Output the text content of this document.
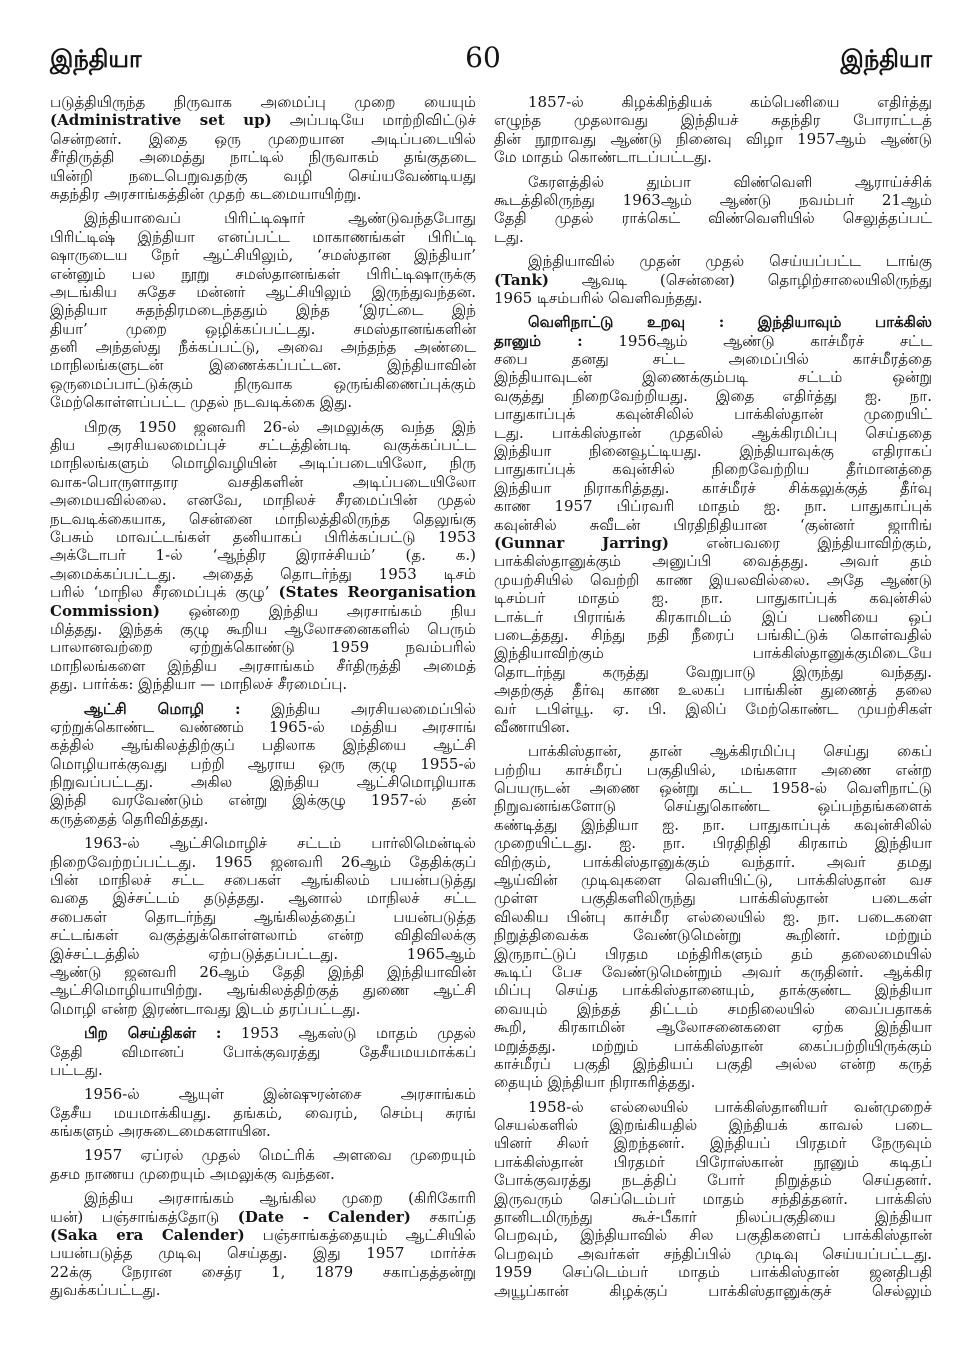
இந்தியா	60	இந்தியா
படுத்தியிருந்த நிருவாக அமைப்பு முறை யையும்
(Administrative set up) அப்படியே மாற்றிவிட்டுச்
சென்றனர். இதை ஒரு முறையான அடிப்படையில்
சீர்திருத்தி அமைத்து நாட்டில் நிருவாகம் தங்குதடை
யின்றி நடைபெறுவதற்கு வழி செய்யவேண்டியது
சுதந்திர அரசாங்கத்தின் முதற் கடமையாயிற்று.
இந்தியாவைப் பிரிட்டிஷார் ஆண்டுவந்தபோது
பிரிட்டிஷ் இந்தியா எனப்பட்ட மாகாணங்கள் பிரிட்டி
ஷாருடைய நேர் ஆட்சியிலும், ‘சமஸ்தான இந்தியா’
என்னும் பல நூறு சமஸ்தானங்கள் பிரிட்டிஷாருக்கு
அடங்கிய சுதேச மன்னர் ஆட்சியிலும் இருந்துவந்தன.
இந்தியா சுதந்திரமடைந்ததும் இந்த ‘இரட்டை இந்
தியா’ முறை ஒழிக்கப்பட்டது. சமஸ்தானங்களின்
தனி அந்தஸ்து நீக்கப்பட்டு, அவை அந்தந்த அண்டை
மாநிலங்களுடன் இணைக்கப்பட்டன. இந்தியாவின்
ஒருமைப்பாட்டுக்கும் நிருவாக ஒருங்கிணைப்புக்கும்
மேற்கொள்ளப்பட்ட முதல் நடவடிக்கை இது.
பிறகு 1950 ஜனவரி 26-ல் அமலுக்கு வந்த இந்
திய அரசியலமைப்புச் சட்டத்தின்படி வகுக்கப்பட்ட
மாநிலங்களும் மொழிவழியின் அடிப்படையிலோ, நிரு
வாக-பொருளாதார வசதிகளின் அடிப்படையிலோ
அமையவில்லை. எனவே, மாநிலச் சீரமைப்பின் முதல்
நடவடிக்கையாக, சென்னை மாநிலத்திலிருந்த தெலுங்கு
பேசும் மாவட்டங்கள் தனியாகப் பிரிக்கப்பட்டு 1953
அக்டோபர் 1-ல் ‘ஆந்திர இராச்சியம்’ (த. க.)
அமைக்கப்பட்டது. அதைத் தொடர்ந்து 1953 டிசம்
பரில் ‘மாநில சீரமைப்புக் குழு’ (States Reorganisation
Commission) ஒன்றை இந்திய அரசாங்கம் நிய
மித்தது. இந்தக் குழு கூறிய ஆலோசனைகளில் பெரும்
பாலானவற்றை ஏற்றுக்கொண்டு 1959 நவம்பரில்
மாநிலங்களை இந்திய அரசாங்கம் சீர்திருத்தி அமைத்
தது. பார்க்க: இந்தியா — மாநிலச் சீரமைப்பு.
ஆட்சி மொழி : இந்திய அரசியலமைப்பில்
ஏற்றுக்கொண்ட வண்ணம் 1965-ல் மத்திய அரசாங்
கத்தில் ஆங்கிலத்திற்குப் பதிலாக இந்தியை ஆட்சி
மொழியாக்குவது பற்றி ஆராய ஒரு குழு 1955-ல்
நிறுவப்பட்டது. அகில இந்திய ஆட்சிமொழியாக
இந்தி வரவேண்டும் என்று இக்குழு 1957-ல் தன்
கருத்தைத் தெரிவித்தது.
1963-ல் ஆட்சிமொழிச் சட்டம் பார்லிமென்டில்
நிறைவேற்றப்பட்டது. 1965 ஜனவரி 26ஆம் தேதிக்குப்
பின் மாநிலச் சட்ட சபைகள் ஆங்கிலம் பயன்படுத்து
வதை இச்சட்டம் தடுத்தது. ஆனால் மாநிலச் சட்ட
சபைகள் தொடர்ந்து ஆங்கிலத்தைப் பயன்படுத்த
சட்டங்கள் வகுத்துக்கொள்ளலாம் என்ற விதிவிலக்கு
இச்சட்டத்தில் ஏற்படுத்தப்பட்டது. 1965ஆம்
ஆண்டு ஜனவரி 26ஆம் தேதி இந்தி இந்தியாவின்
ஆட்சிமொழியாயிற்று. ஆங்கிலத்திற்குத் துணை ஆட்சி
மொழி என்ற இரண்டாவது இடம் தரப்பட்டது.
பிற செய்திகள் : 1953 ஆகஸ்டு மாதம் முதல்
தேதி விமானப் போக்குவரத்து தேசீயமயமாக்கப்
பட்டது.
1956-ல் ஆயுள் இன்ஷுரன்சை அரசாங்கம்
தேசீய மயமாக்கியது. தங்கம், வைரம், செம்பு சுரங்
கங்களும் அரசுடைமைகளாயின.
1957 ஏப்ரல் முதல் மெட்ரிக் அளவை முறையும்
தசம நாணய முறையும் அமலுக்கு வந்தன.
இந்திய அரசாங்கம் ஆங்கில முறை (கிரிகோரி
யன்) பஞ்சாங்கத்தோடு (Date - Calender) சகாப்த
(Saka era Calender) பஞ்சாங்கத்தையும் ஆட்சியில்
பயன்படுத்த முடிவு செய்தது. இது 1957 மார்ச்சு
22க்கு நேரான சைத்ர 1, 1879 சகாப்தத்தன்று
துவக்கப்பட்டது.
1857-ல் கிழக்கிந்தியக் கம்பெனியை எதிர்த்து
எழுந்த முதலாவது இந்தியச் சுதந்திர போராட்டத்
தின் நூறாவது ஆண்டு நினைவு விழா 1957ஆம் ஆண்டு
மே மாதம் கொண்டாடப்பட்டது.
கேரளத்தில் தும்பா விண்வெளி ஆராய்ச்சிக்
கூடத்திலிருந்து 1963ஆம் ஆண்டு நவம்பர் 21ஆம்
தேதி முதல் ராக்கெட் விண்வெளியில் செலுத்தப்பட்
டது.
இந்தியாவில் முதன் முதல் செய்யப்பட்ட டாங்கு
(Tank) ஆவடி (சென்னை) தொழிற்சாலையிலிருந்து
1965 டிசம்பரில் வெளிவந்தது.
வெளிநாட்டு உறவு : இந்தியாவும் பாக்கிஸ்
தானும் : 1956ஆம் ஆண்டு காச்மீரச் சட்ட
சபை தனது சட்ட அமைப்பில் காச்மீரத்தை
இந்தியாவுடன் இணைக்கும்படி சட்டம் ஒன்று
வகுத்து நிறைவேற்றியது. இதை எதிர்த்து ஐ. நா.
பாதுகாப்புக் கவுன்சிலில் பாக்கிஸ்தான் முறையிட்
டது. பாக்கிஸ்தான் முதலில் ஆக்கிரமிப்பு செய்ததை
இந்தியா நினைவூட்டியது. இந்தியாவுக்கு எதிராகப்
பாதுகாப்புக் கவுன்சில் நிறைவேற்றிய தீர்மானத்தை
இந்தியா நிராகரித்தது. காச்மீரச் சிக்கலுக்குத் தீர்வு
காண 1957 பிப்ரவரி மாதம் ஐ. நா. பாதுகாப்புக்
கவுன்சில் சுவீடன் பிரதிநிதியான ‘குன்னர் ஜாரிங்
(Gunnar Jarring) என்பவரை இந்தியாவிற்கும்,
பாக்கிஸ்தானுக்கும் அனுப்பி வைத்தது. அவர் தம்
முயற்சியில் வெற்றி காண இயலவில்லை. அதே ஆண்டு
டிசம்பர் மாதம் ஐ. நா. பாதுகாப்புக் கவுன்சில்
டாக்டர் பிராங்க் கிரகாமிடம் இப் பணியை ஒப்
படைத்தது. சிந்து நதி நீரைப் பங்கிட்டுக் கொள்வதில்
இந்தியாவிற்கும் பாக்கிஸ்தானுக்குமிடையே
தொடர்ந்து கருத்து வேறுபாடு இருந்து வந்தது.
அதற்குத் தீர்வு காண உலகப் பாங்கின் துணைத் தலை
வர் டபிள்யூ. ஏ. பி. இலிப் மேற்கொண்ட முயற்சிகள்
வீணாயின.
பாக்கிஸ்தான், தான் ஆக்கிரமிப்பு செய்து கைப்
பற்றிய காச்மீரப் பகுதியில், மங்களா அணை என்ற
பெயருடன் அணை ஒன்று கட்ட 1958-ல் வெளிநாட்டு
நிறுவனங்களோடு செய்துகொண்ட ஒப்பந்தங்களைக்
கண்டித்து இந்தியா ஐ. நா. பாதுகாப்புக் கவுன்சிலில்
முறையிட்டது. ஐ. நா. பிரதிநிதி கிரகாம் இந்தியா
விற்கும், பாக்கிஸ்தானுக்கும் வந்தார். அவர் தமது
ஆய்வின் முடிவுகளை வெளியிட்டு, பாக்கிஸ்தான் வச
முள்ள பகுதிகளிலிருந்து பாக்கிஸ்தான் படைகள்
விலகிய பின்பு காச்மீர எல்லையில் ஐ. நா. படைகளை
நிறுத்திவைக்க வேண்டுமென்று கூறினர். மற்றும்
இருநாட்டுப் பிரதம மந்திரிகளும் தம் தலைமையில்
கூடிப் பேச வேண்டுமென்றும் அவர் கருதினர். ஆக்கிர
மிப்பு செய்த பாக்கிஸ்தானையும், தாக்குண்ட இந்தியா
வையும் இந்தத் திட்டம் சமநிலையில் வைப்பதாகக்
கூறி, கிரகாமின் ஆலோசனைகளை ஏற்க இந்தியா
மறுத்தது. மற்றும் பாக்கிஸ்தான் கைப்பற்றியிருக்கும்
காச்மீரப் பகுதி இந்தியப் பகுதி அல்ல என்ற கருத்
தையும் இந்தியா நிராகரித்தது.
1958-ல் எல்லையில் பாக்கிஸ்தானியர் வன்முறைச்
செயல்களில் இறங்கியதில் இந்தியக் காவல் படை
யினர் சிலர் இறந்தனர். இந்தியப் பிரதமர் நேருவும்
பாக்கிஸ்தான் பிரதமர் பிரோஸ்கான் நூனும் கடிதப்
போக்குவரத்து நடத்திப் போர் நிறுத்தம் செய்தனர்.
இருவரும் செப்டெம்பர் மாதம் சந்தித்தனர். பாக்கிஸ்
தானிடமிருந்து கூச்-பீகார் நிலப்பகுதியை இந்தியா
பெறவும், இந்தியாவில் சில பகுதிகளைப் பாக்கிஸ்தான்
பெறவும் அவர்கள் சந்திப்பில் முடிவு செய்யப்பட்டது.
1959 செப்டெம்பர் மாதம் பாக்கிஸ்தான் ஜனதிபதி
அயூப்கான் கிழக்குப் பாக்கிஸ்தானுக்குச் செல்லும்
